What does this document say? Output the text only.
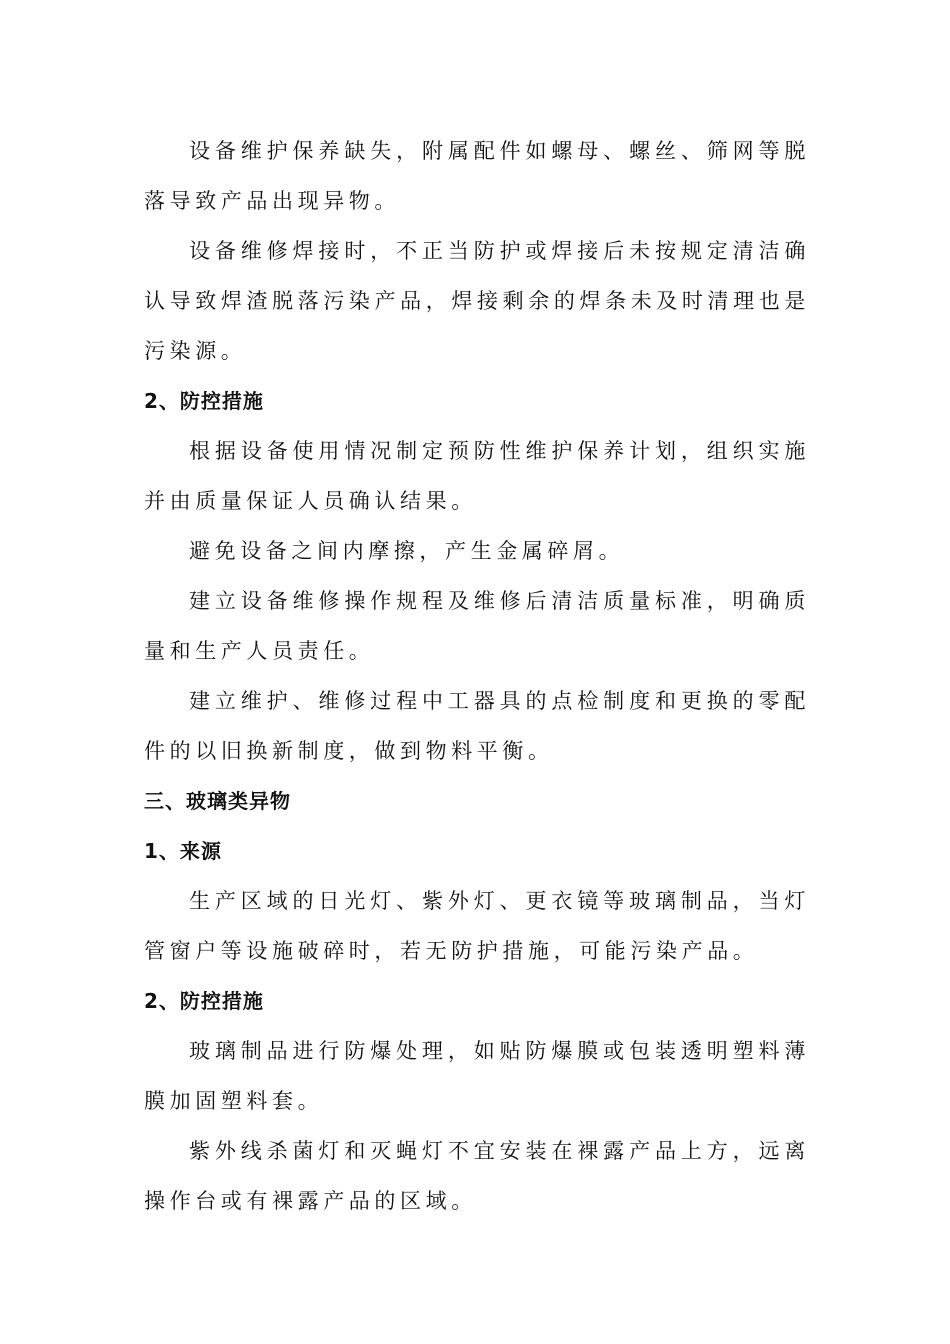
设备维护保养缺失，附属配件如螺母、螺丝、筛网等脱落导致产品出现异物。

设备维修焊接时，不正当防护或焊接后未按规定清洁确认导致焊渣脱落污染产品，焊接剩余的焊条未及时清理也是污染源。

2、防控措施

根据设备使用情况制定预防性维护保养计划，组织实施并由质量保证人员确认结果。

避免设备之间内摩擦，产生金属碎屑。

建立设备维修操作规程及维修后清洁质量标准，明确质量和生产人员责任。

建立维护、维修过程中工器具的点检制度和更换的零配件的以旧换新制度，做到物料平衡。

三、玻璃类异物

1、来源

生产区域的日光灯、紫外灯、更衣镜等玻璃制品，当灯管窗户等设施破碎时，若无防护措施，可能污染产品。

2、防控措施

玻璃制品进行防爆处理，如贴防爆膜或包装透明塑料薄膜加固塑料套。

紫外线杀菌灯和灭蝇灯不宜安装在裸露产品上方，远离操作台或有裸露产品的区域。
